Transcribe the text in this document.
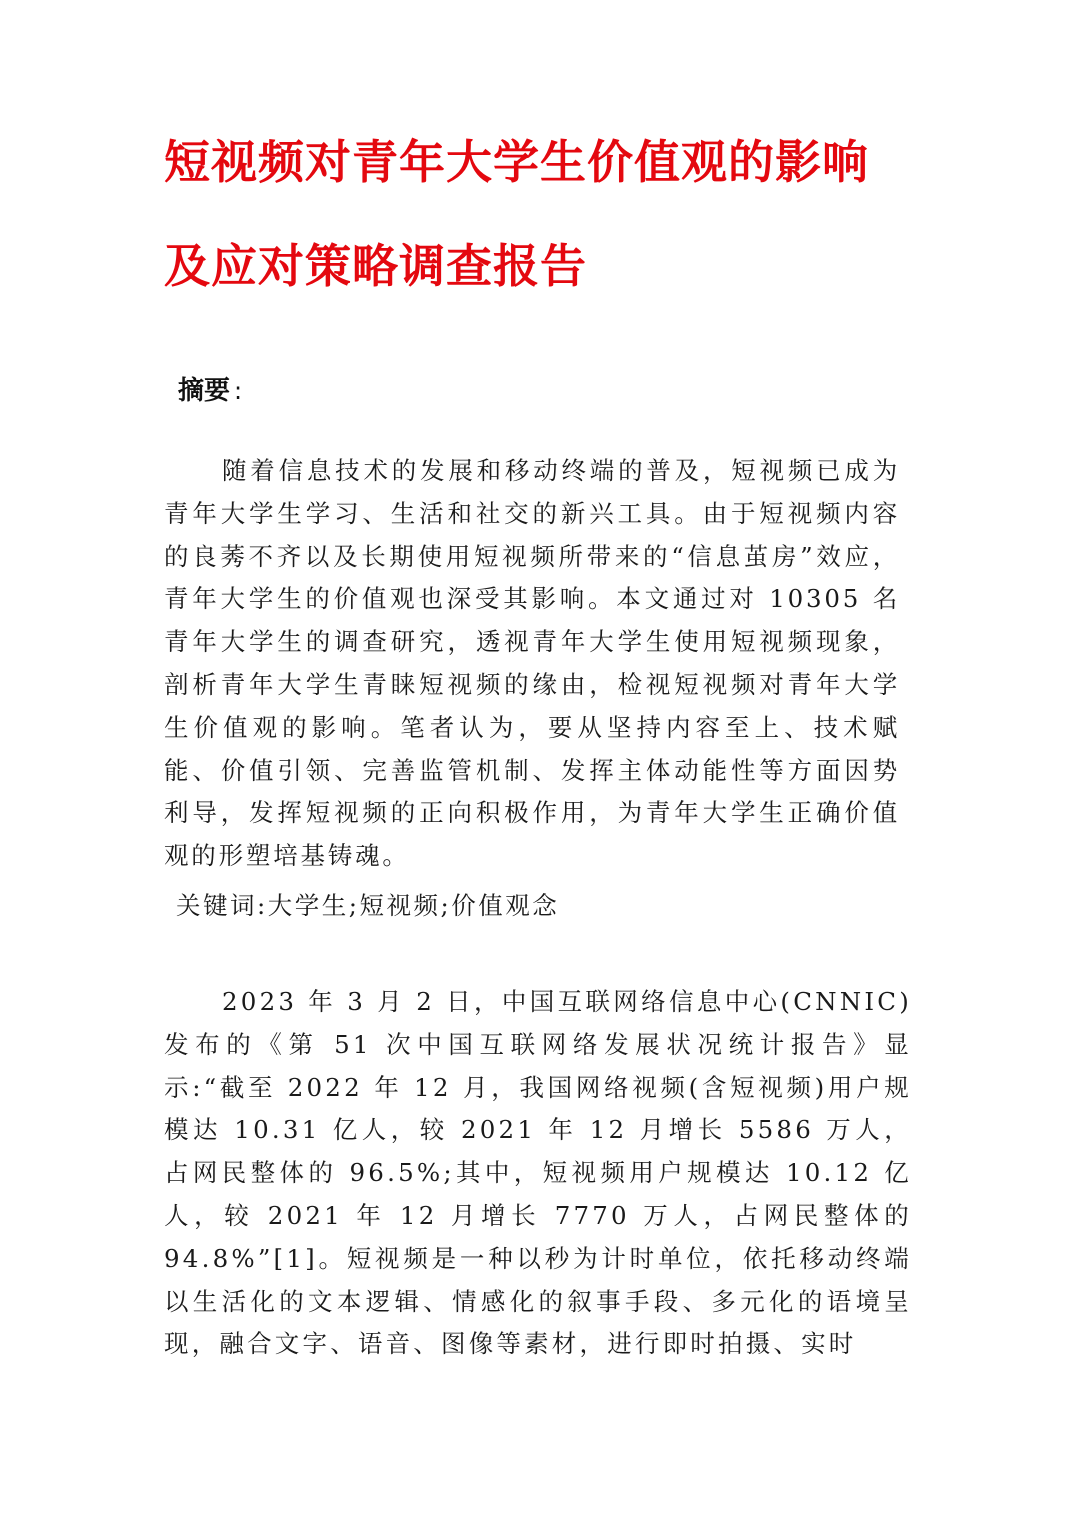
短视频对青年大学生价值观的影响
及应对策略调查报告
摘要 :

随着信息技术的发展和移动终端的普及，短视频已成为青年大学生学习、生活和社交的新兴工具。由于短视频内容的良莠不齐以及长期使用短视频所带来的“信息茧房”效应，青年大学生的价值观也深受其影响。本文通过对 10305 名青年大学生的调查研究，透视青年大学生使用短视频现象，剖析青年大学生青睐短视频的缘由，检视短视频对青年大学生价值观的影响。笔者认为，要从坚持内容至上、技术赋能、价值引领、完善监管机制、发挥主体动能性等方面因势利导，发挥短视频的正向积极作用，为青年大学生正确价值观的形塑培基铸魂。

关键词:大学生;短视频;价值观念

2023 年 3 月 2 日，中国互联网络信息中心(CNNIC)发布的《第 51 次中国互联网络发展状况统计报告》显示:“截至 2022 年 12 月，我国网络视频(含短视频)用户规模达 10.31 亿人，较 2021 年 12 月增长 5586 万人，占网民整体的 96.5%;其中，短视频用户规模达 10.12 亿人，较 2021 年 12 月增长 7770 万人，占网民整体的 94.8%”[1]。短视频是一种以秒为计时单位，依托移动终端以生活化的文本逻辑、情感化的叙事手段、多元化的语境呈现，融合文字、语音、图像等素材，进行即时拍摄、实时
